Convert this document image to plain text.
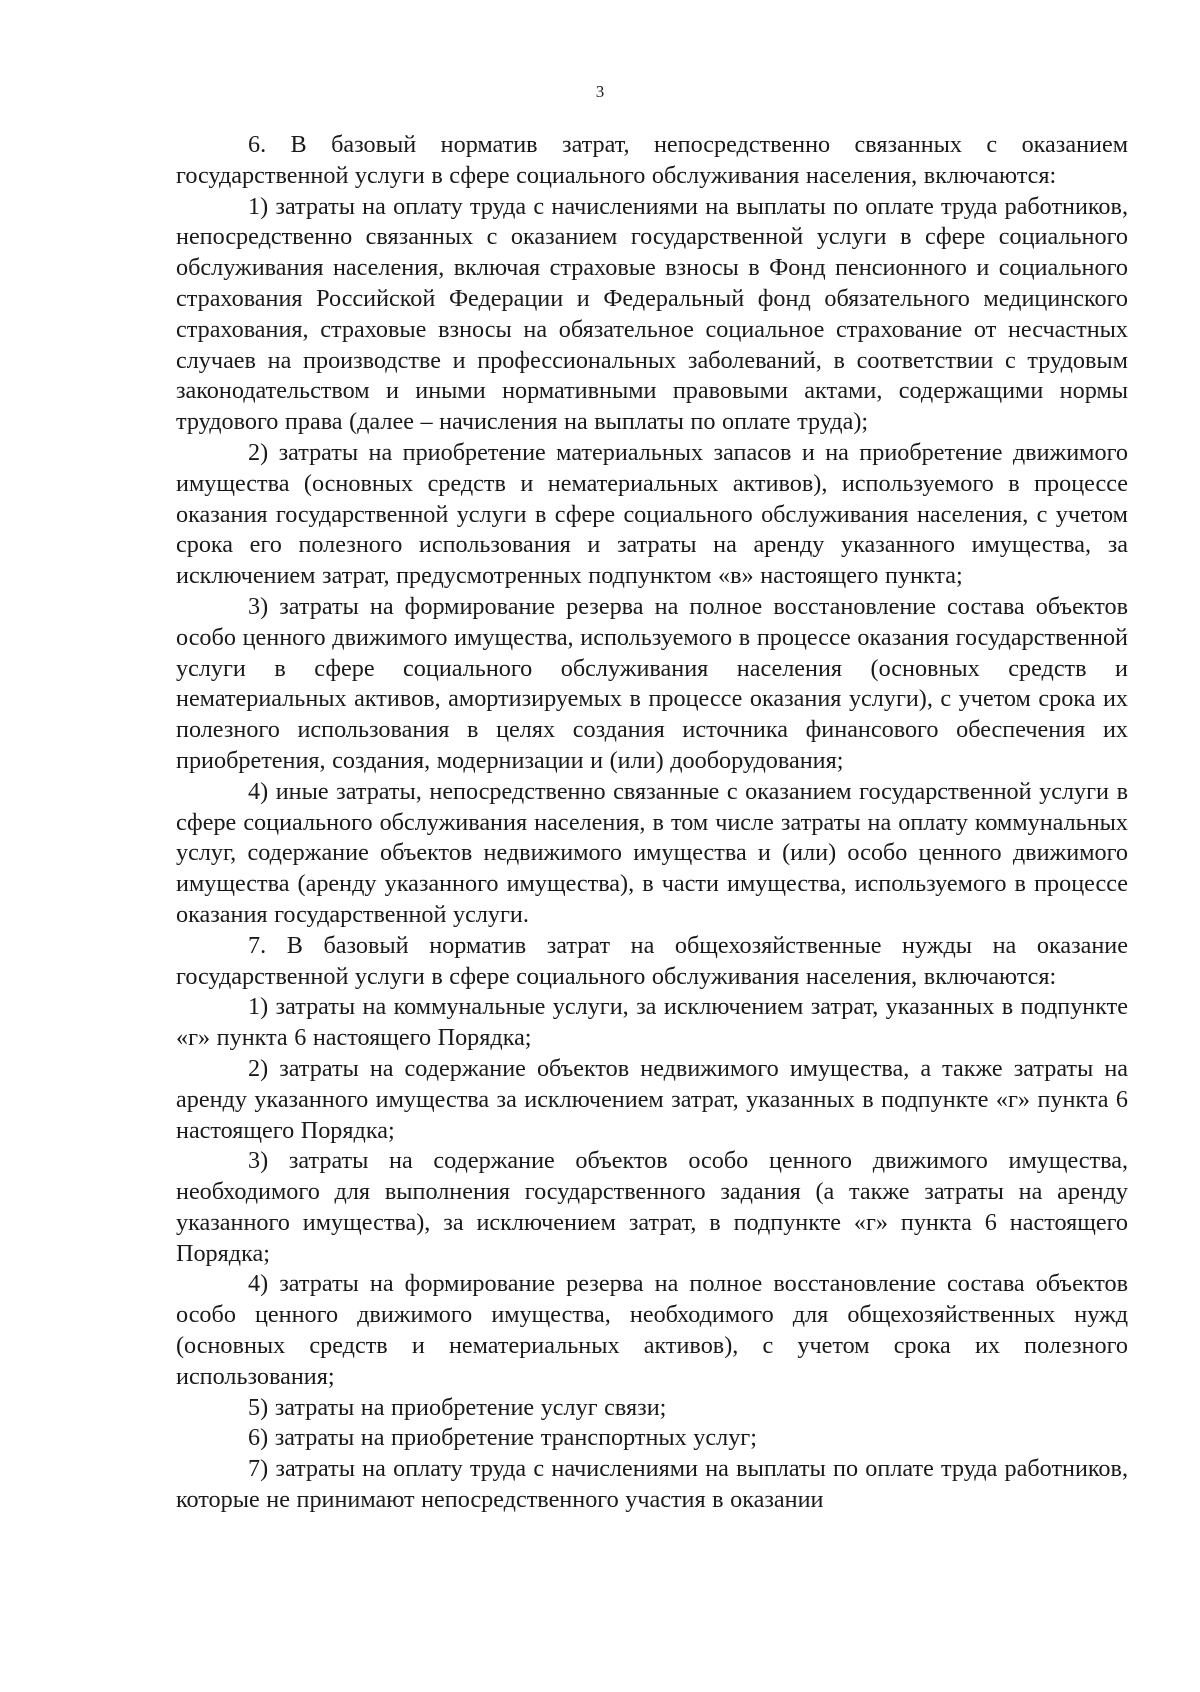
3

6. В базовый норматив затрат, непосредственно связанных с оказанием государственной услуги в сфере социального обслуживания населения, включаются:

1) затраты на оплату труда с начислениями на выплаты по оплате труда работников, непосредственно связанных с оказанием государственной услуги в сфере социального обслуживания населения, включая страховые взносы в Фонд пенсионного и социального страхования Российской Федерации и Федеральный фонд обязательного медицинского страхования, страховые взносы на обязательное социальное страхование от несчастных случаев на производстве и профессиональных заболеваний, в соответствии с трудовым законодательством и иными нормативными правовыми актами, содержащими нормы трудового права (далее – начисления на выплаты по оплате труда);

2) затраты на приобретение материальных запасов и на приобретение движимого имущества (основных средств и нематериальных активов), используемого в процессе оказания государственной услуги в сфере социального обслуживания населения, с учетом срока его полезного использования и затраты на аренду указанного имущества, за исключением затрат, предусмотренных подпунктом «в» настоящего пункта;

3) затраты на формирование резерва на полное восстановление состава объектов особо ценного движимого имущества, используемого в процессе оказания государственной услуги в сфере социального обслуживания населения (основных средств и нематериальных активов, амортизируемых в процессе оказания услуги), с учетом срока их полезного использования в целях создания источника финансового обеспечения их приобретения, создания, модернизации и (или) дооборудования;

4) иные затраты, непосредственно связанные с оказанием государственной услуги в сфере социального обслуживания населения, в том числе затраты на оплату коммунальных услуг, содержание объектов недвижимого имущества и (или) особо ценного движимого имущества (аренду указанного имущества), в части имущества, используемого в процессе оказания государственной услуги.

7. В базовый норматив затрат на общехозяйственные нужды на оказание государственной услуги в сфере социального обслуживания населения, включаются:

1) затраты на коммунальные услуги, за исключением затрат, указанных в подпункте «г» пункта 6 настоящего Порядка;

2) затраты на содержание объектов недвижимого имущества, а также затраты на аренду указанного имущества за исключением затрат, указанных в подпункте «г» пункта 6 настоящего Порядка;

3) затраты на содержание объектов особо ценного движимого имущества, необходимого для выполнения государственного задания (а также затраты на аренду указанного имущества), за исключением затрат, в подпункте «г» пункта 6 настоящего Порядка;

4) затраты на формирование резерва на полное восстановление состава объектов особо ценного движимого имущества, необходимого для общехозяйственных нужд (основных средств и нематериальных активов), с учетом срока их полезного использования;

5) затраты на приобретение услуг связи;

6) затраты на приобретение транспортных услуг;

7) затраты на оплату труда с начислениями на выплаты по оплате труда работников, которые не принимают непосредственного участия в оказании
